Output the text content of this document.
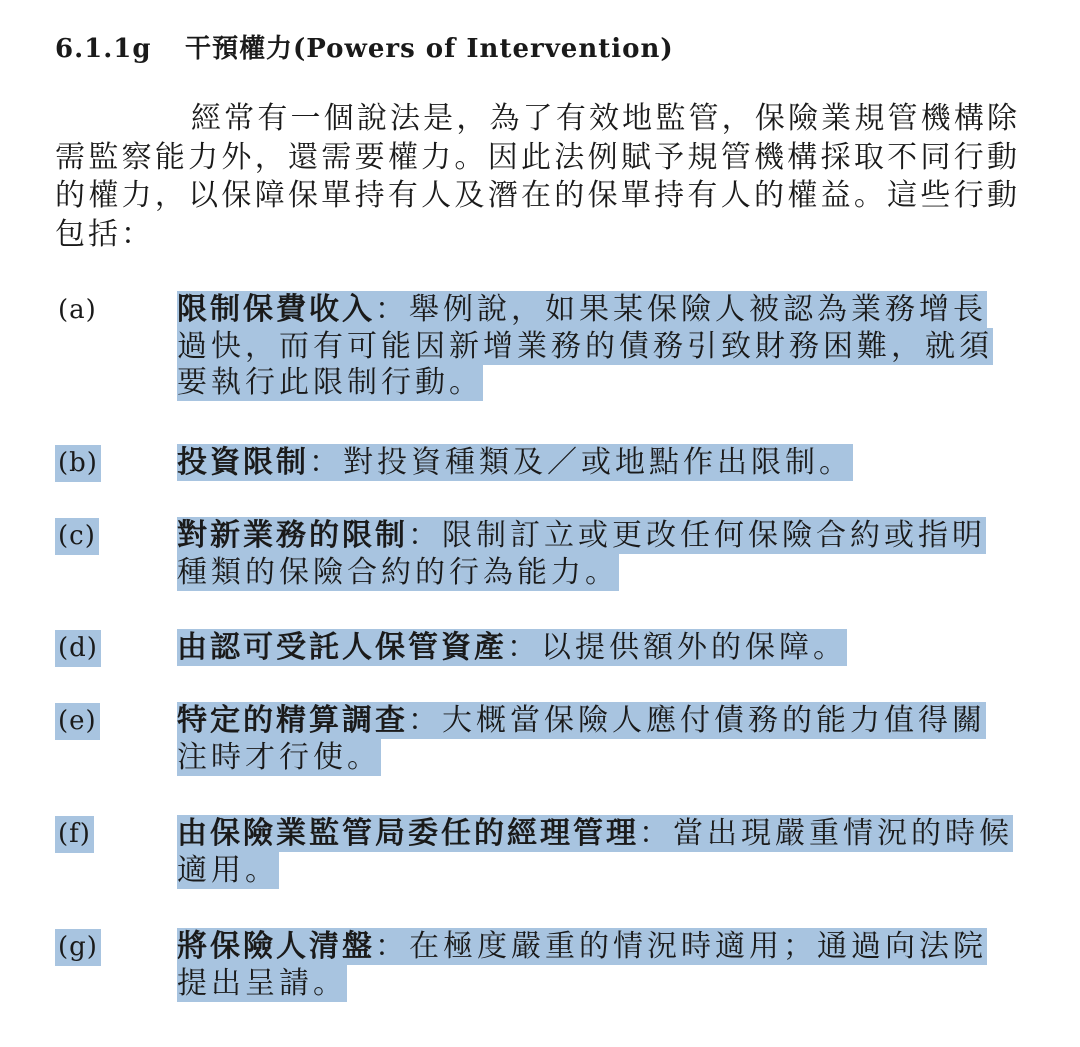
6.1.1g 干預權力(Powers of Intervention)

經常有一個說法是，為了有效地監管，保險業規管機構除需監察能力外，還需要權力。因此法例賦予規管機構採取不同行動的權力，以保障保單持有人及潛在的保單持有人的權益。這些行動包括：

(a)	限制保費收入：舉例說，如果某保險人被認為業務增長過快，而有可能因新增業務的債務引致財務困難，就須要執行此限制行動。

(b)	投資限制：對投資種類及／或地點作出限制。

(c)	對新業務的限制：限制訂立或更改任何保險合約或指明種類的保險合約的行為能力。

(d)	由認可受託人保管資產：以提供額外的保障。

(e)	特定的精算調查：大概當保險人應付債務的能力值得關注時才行使。

(f)	由保險業監管局委任的經理管理：當出現嚴重情況的時候適用。

(g)	將保險人清盤：在極度嚴重的情況時適用；通過向法院提出呈請。
